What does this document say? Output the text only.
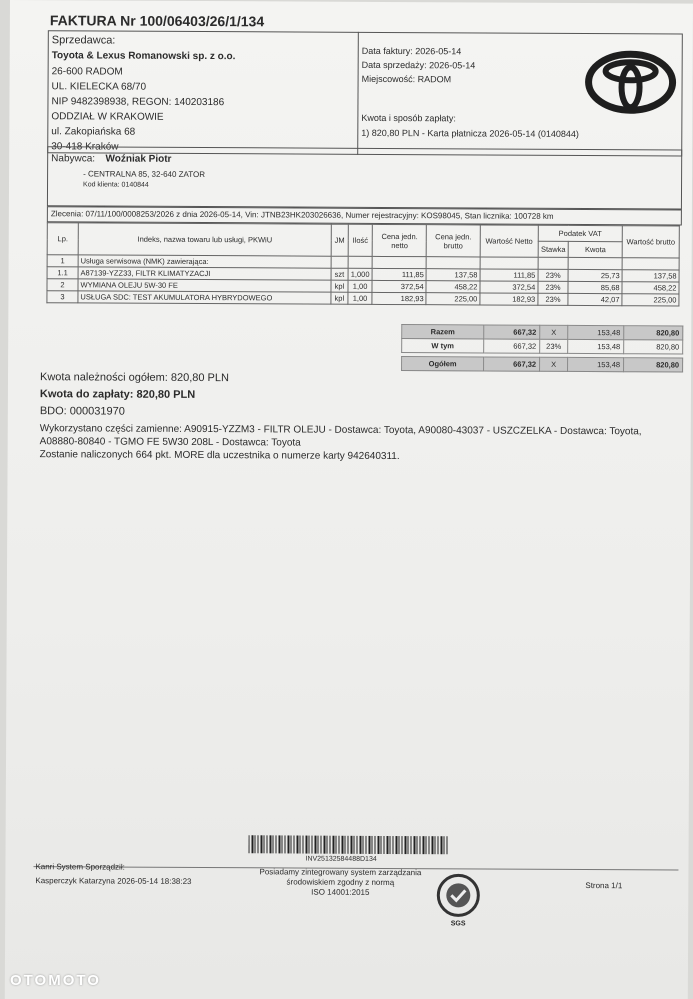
FAKTURA Nr 100/06403/26/1/134
Sprzedawca:
Toyota & Lexus Romanowski sp. z o.o.
26-600 RADOM
UL. KIELECKA 68/70
NIP 9482398938, REGON: 140203186
ODDZIAŁ W KRAKOWIE
ul. Zakopiańska 68
30-418 Kraków
Data faktury: 2026-05-14
Data sprzedaży: 2026-05-14
Miejscowość: RADOM
Kwota i sposób zapłaty:
1) 820,80 PLN - Karta płatnicza 2026-05-14 (0140844)
Nabywca: Woźniak Piotr
- CENTRALNA 85, 32-640 ZATOR
Kod klienta: 0140844
Zlecenia: 07/11/100/0008253/2026 z dnia 2026-05-14, Vin: JTNB23HK203026636, Numer rejestracyjny: KOS98045, Stan licznika: 100728 km
Lp.	Indeks, nazwa towaru lub usługi, PKWiU	JM	Ilość	Cena jedn. netto	Cena jedn. brutto	Wartość Netto	Podatek VAT		Wartość brutto
							Stawka	Kwota	
1	Usługa serwisowa (NMK) zawierająca:								
1.1	A87139-YZZ33, FILTR KLIMATYZACJI	szt	1,000	111,85	137,58	111,85	23%	25,73	137,58
2	WYMIANA OLEJU 5W-30 FE	kpl	1,00	372,54	458,22	372,54	23%	85,68	458,22
3	USŁUGA SDC: TEST AKUMULATORA HYBRYDOWEGO	kpl	1,00	182,93	225,00	182,93	23%	42,07	225,00
Razem	667,32	X	153,48	820,80
W tym	667,32	23%	153,48	820,80

Ogółem	667,32	X	153,48	820,80
Kwota należności ogółem: 820,80 PLN
Kwota do zapłaty: 820,80 PLN
BDO: 000031970
Wykorzystano części zamienne: A90915-YZZM3 - FILTR OLEJU - Dostawca: Toyota, A90080-43037 - USZCZELKA - Dostawca: Toyota,
A08880-80840 - TGMO FE 5W30 208L - Dostawca: Toyota
Zostanie naliczonych 664 pkt. MORE dla uczestnika o numerze karty 942640311.
INV25132584488D134
Kanri System Sporządził:
Kasperczyk Katarzyna 2026-05-14 18:38:23
Posiadamy zintegrowany system zarządzania
środowiskiem zgodny z normą
ISO 14001:2015
SGS
Strona 1/1
OTOMOTO
